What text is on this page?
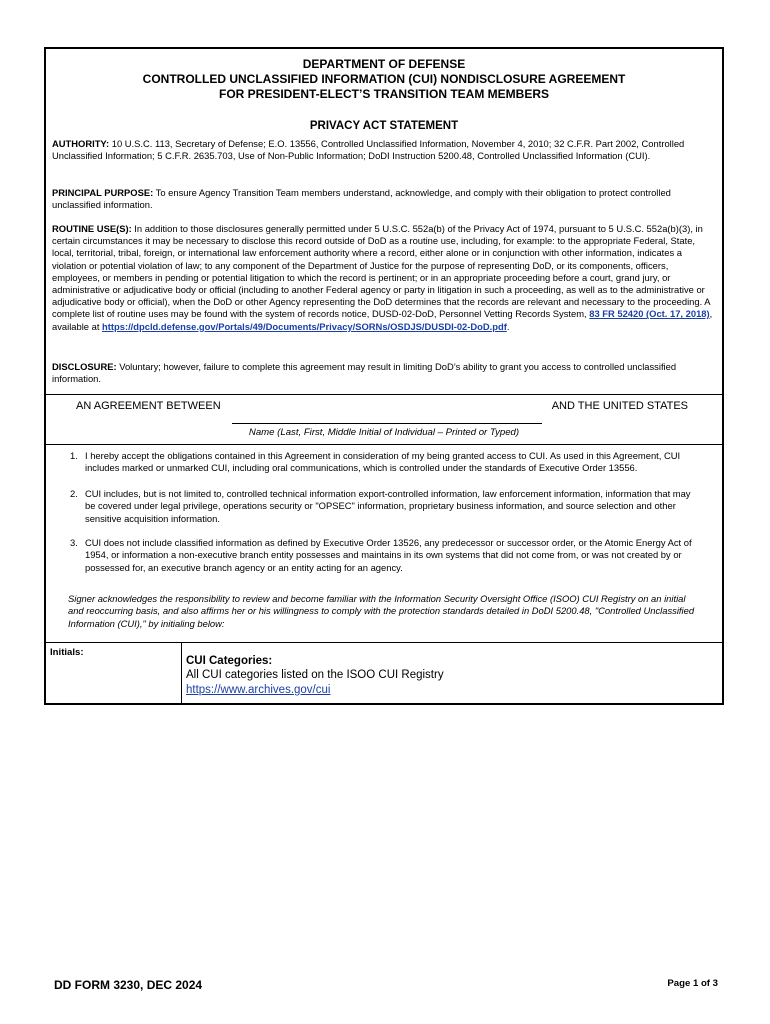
DEPARTMENT OF DEFENSE
CONTROLLED UNCLASSIFIED INFORMATION (CUI) NONDISCLOSURE AGREEMENT
FOR PRESIDENT-ELECT’S TRANSITION TEAM MEMBERS
PRIVACY ACT STATEMENT
AUTHORITY: 10 U.S.C. 113, Secretary of Defense; E.O. 13556, Controlled Unclassified Information, November 4, 2010; 32 C.F.R. Part 2002, Controlled Unclassified Information; 5 C.F.R. 2635.703, Use of Non-Public Information; DoDI Instruction 5200.48, Controlled Unclassified Information (CUI).
PRINCIPAL PURPOSE: To ensure Agency Transition Team members understand, acknowledge, and comply with their obligation to protect controlled unclassified information.
ROUTINE USE(S): In addition to those disclosures generally permitted under 5 U.S.C. 552a(b) of the Privacy Act of 1974, pursuant to 5 U.S.C. 552a(b)(3), in certain circumstances it may be necessary to disclose this record outside of DoD as a routine use, including, for example: to the appropriate Federal, State, local, territorial, tribal, foreign, or international law enforcement authority where a record, either alone or in conjunction with other information, indicates a violation or potential violation of law; to any component of the Department of Justice for the purpose of representing DoD, or its components, officers, employees, or members in pending or potential litigation to which the record is pertinent; or in an appropriate proceeding before a court, grand jury, or administrative or adjudicative body or official (including to another Federal agency or party in litigation in such a proceeding, as well as to the administrative or adjudicative body or official), when the DoD or other Agency representing the DoD determines that the records are relevant and necessary to the proceeding. A complete list of routine uses may be found with the system of records notice, DUSD-02-DoD, Personnel Vetting Records System, 83 FR 52420 (Oct. 17, 2018), available at https://dpcld.defense.gov/Portals/49/Documents/Privacy/SORNs/OSDJS/DUSDI-02-DoD.pdf.
DISCLOSURE: Voluntary; however, failure to complete this agreement may result in limiting DoD’s ability to grant you access to controlled unclassified information.
AN AGREEMENT BETWEEN	AND THE UNITED STATES
Name (Last, First, Middle Initial of Individual – Printed or Typed)
1. I hereby accept the obligations contained in this Agreement in consideration of my being granted access to CUI. As used in this Agreement, CUI includes marked or unmarked CUI, including oral communications, which is controlled under the standards of Executive Order 13556.
2. CUI includes, but is not limited to, controlled technical information export-controlled information, law enforcement information, information that may be covered under legal privilege, operations security or "OPSEC" information, proprietary business information, and source selection and other sensitive acquisition information.
3. CUI does not include classified information as defined by Executive Order 13526, any predecessor or successor order, or the Atomic Energy Act of 1954, or information a non-executive branch entity possesses and maintains in its own systems that did not come from, or was not created by or possessed for, an executive branch agency or an entity acting for an agency.
Signer acknowledges the responsibility to review and become familiar with the Information Security Oversight Office (ISOO) CUI Registry on an initial and reoccurring basis, and also affirms her or his willingness to comply with the protection standards detailed in DoDI 5200.48, "Controlled Unclassified Information (CUI)," by initialing below:
Initials:
CUI Categories:
All CUI categories listed on the ISOO CUI Registry
https://www.archives.gov/cui
DD FORM 3230, DEC 2024	Page 1 of 3
